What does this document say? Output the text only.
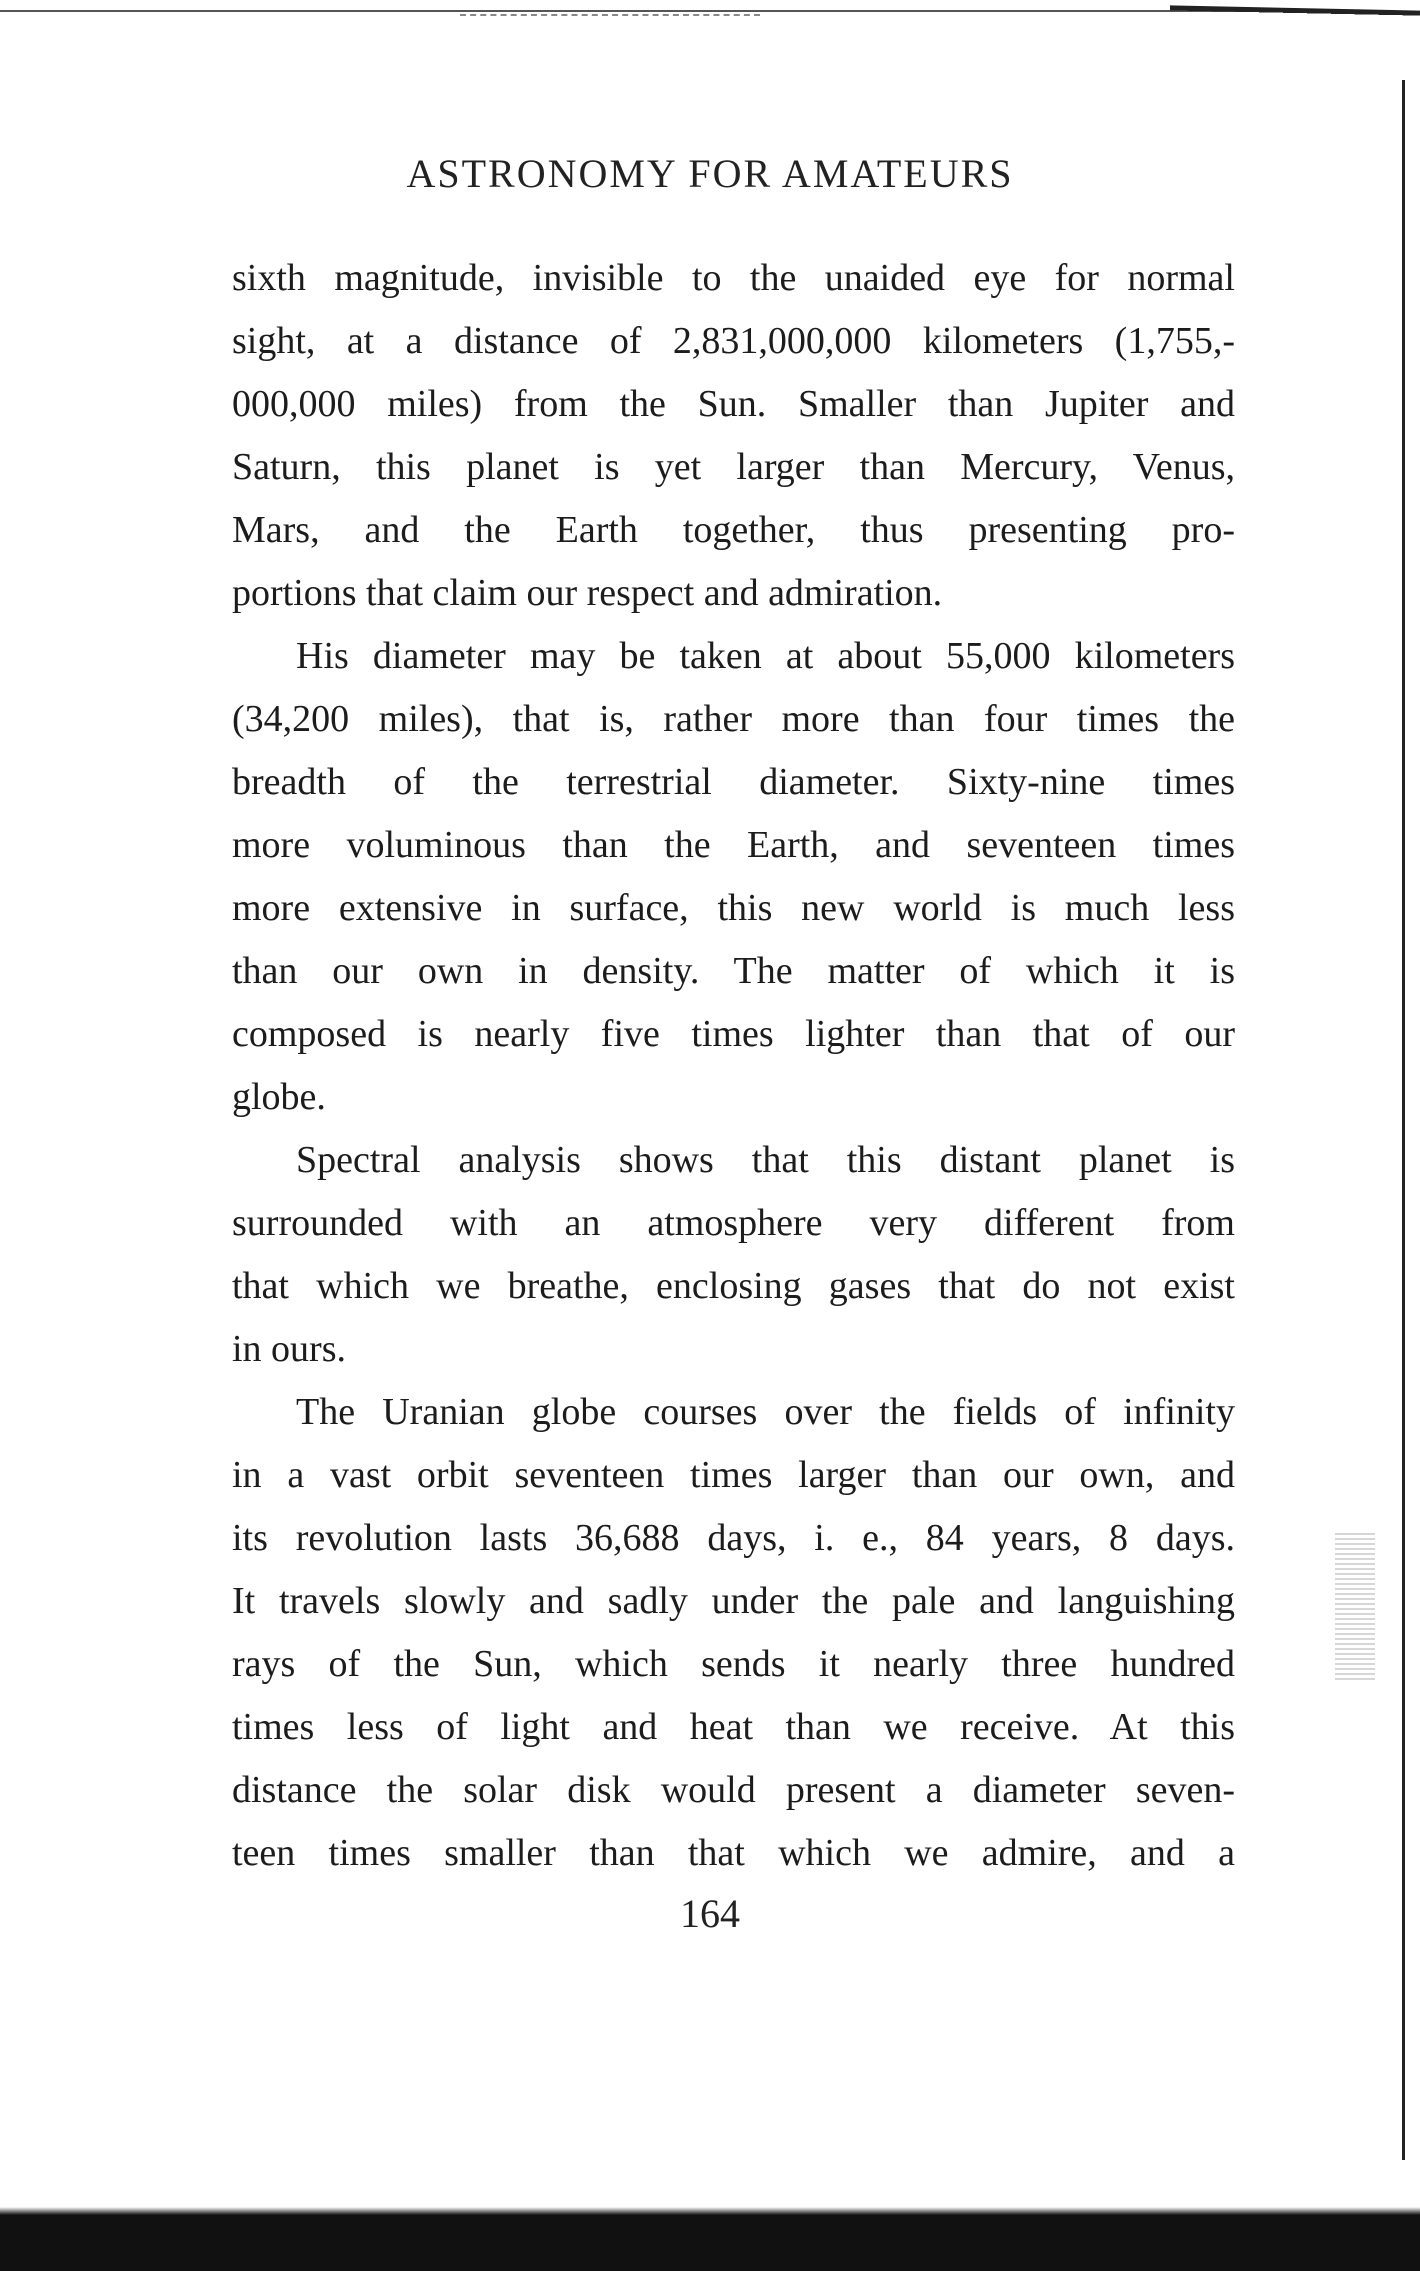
ASTRONOMY FOR AMATEURS
sixth magnitude, invisible to the unaided eye for normal
sight, at a distance of 2,831,000,000 kilometers (1,755,-
000,000 miles) from the Sun. Smaller than Jupiter and
Saturn, this planet is yet larger than Mercury, Venus,
Mars, and the Earth together, thus presenting pro-
portions that claim our respect and admiration.
His diameter may be taken at about 55,000 kilometers
(34,200 miles), that is, rather more than four times the
breadth of the terrestrial diameter. Sixty-nine times
more voluminous than the Earth, and seventeen times
more extensive in surface, this new world is much less
than our own in density. The matter of which it is
composed is nearly five times lighter than that of our
globe.
Spectral analysis shows that this distant planet is
surrounded with an atmosphere very different from
that which we breathe, enclosing gases that do not exist
in ours.
The Uranian globe courses over the fields of infinity
in a vast orbit seventeen times larger than our own, and
its revolution lasts 36,688 days, i. e., 84 years, 8 days.
It travels slowly and sadly under the pale and languishing
rays of the Sun, which sends it nearly three hundred
times less of light and heat than we receive. At this
distance the solar disk would present a diameter seven-
teen times smaller than that which we admire, and a
164
